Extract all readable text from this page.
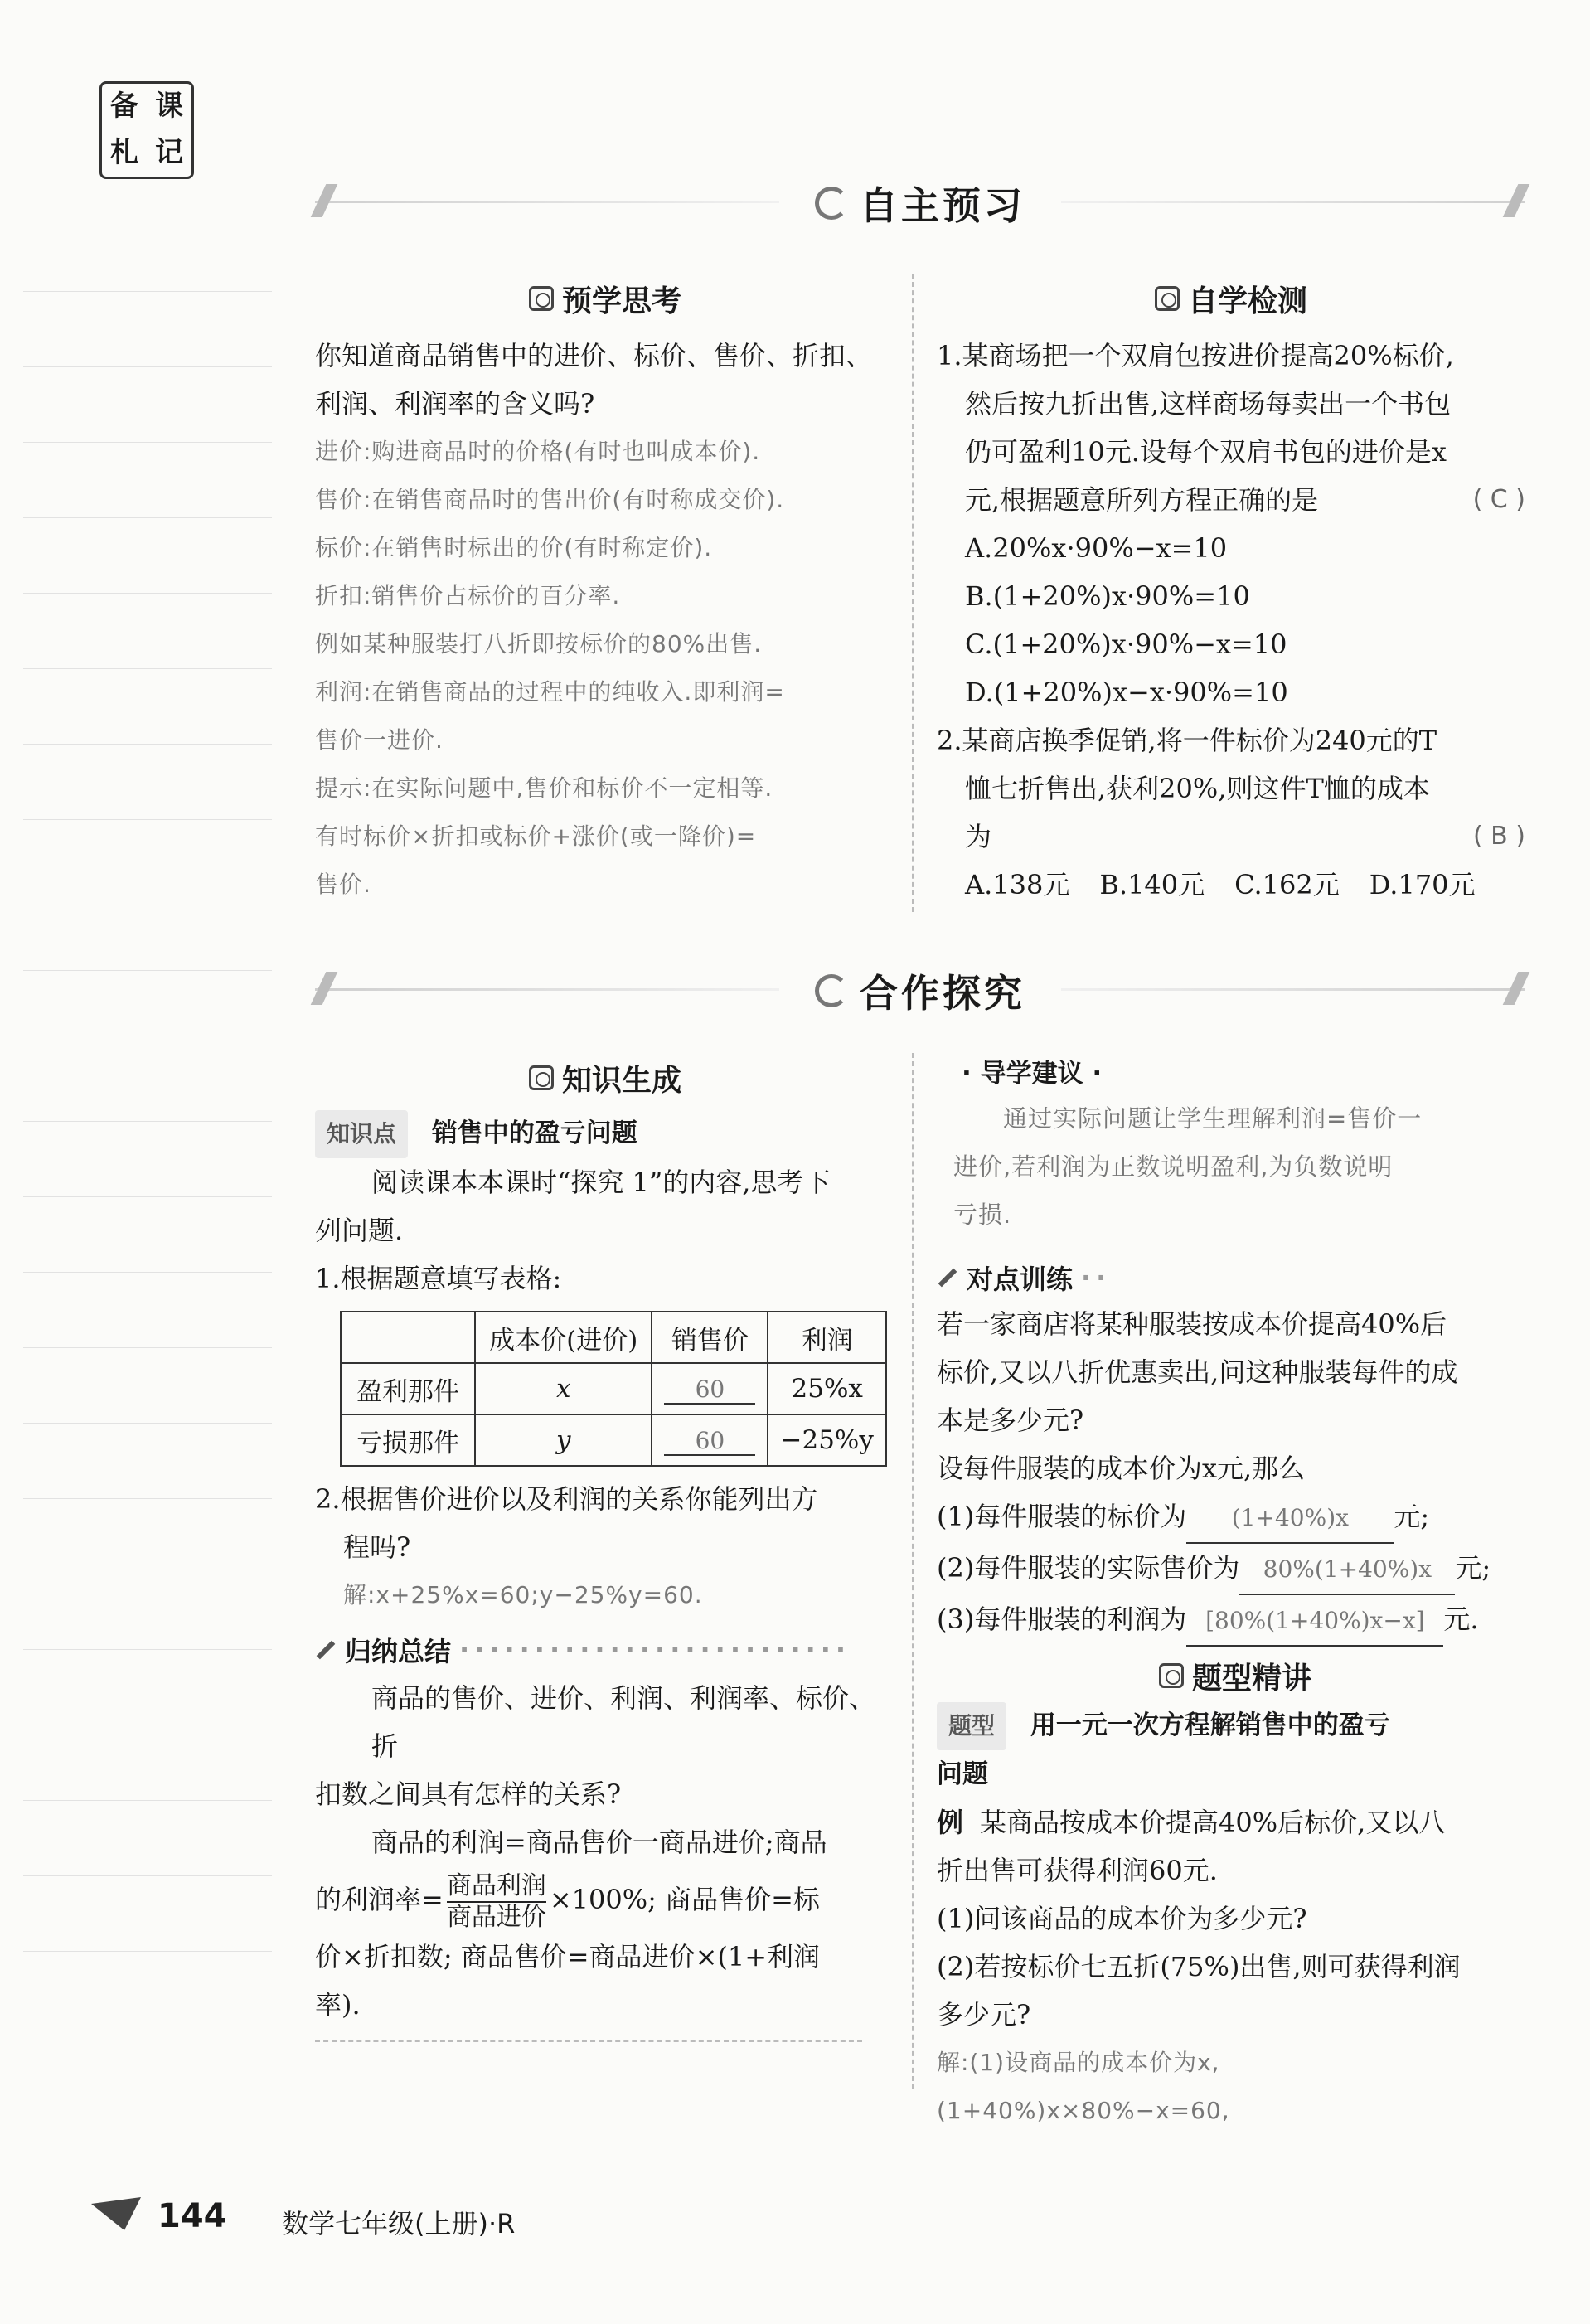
备 课
札 记
自主预习
预学思考
你知道商品销售中的进价、标价、售价、折扣、利润、利润率的含义吗?
进价:购进商品时的价格(有时也叫成本价).
售价:在销售商品时的售出价(有时称成交价).
标价:在销售时标出的价(有时称定价).
折扣:销售价占标价的百分率.
例如某种服装打八折即按标价的80%出售.
利润:在销售商品的过程中的纯收入.即利润=
售价一进价.
提示:在实际问题中,售价和标价不一定相等.
有时标价×折扣或标价+涨价(或一降价)=
售价.
自学检测
1.某商场把一个双肩包按进价提高20%标价,
然后按九折出售,这样商场每卖出一个书包
仍可盈利10元.设每个双肩书包的进价是x
元,根据题意所列方程正确的是	( C )
A.20%x·90%−x=10
B.(1+20%)x·90%=10
C.(1+20%)x·90%−x=10
D.(1+20%)x−x·90%=10
2.某商店换季促销,将一件标价为240元的T
恤七折售出,获利20%,则这件T恤的成本
为	( B )
A.138元 B.140元 C.162元 D.170元
合作探究
知识生成
知识点 销售中的盈亏问题
阅读课本本课时“探究 1”的内容,思考下
列问题.
1.根据题意填写表格:
	成本价(进价)	销售价	利润
盈利那件	x	60	25%x
亏损那件	y	60	−25%y
2.根据售价进价以及利润的关系你能列出方
程吗?
解:x+25%x=60;y−25%y=60.
归纳总结 ··························
商品的售价、进价、利润、利润率、标价、折
扣数之间具有怎样的关系?
商品的利润=商品售价一商品进价;商品
的利润率= $\frac{\text{商品利润}}{\text{商品进价}} \times 100\%$; 商品售价=标
价×折扣数; 商品售价=商品进价×(1+利润
率).
· 导学建议 ·
通过实际问题让学生理解利润=售价一
进价,若利润为正数说明盈利,为负数说明
亏损.
对点训练 ··
若一家商店将某种服装按成本价提高40%后
标价,又以八折优惠卖出,问这种服装每件的成
本是多少元?
设每件服装的成本价为x元,那么
(1)每件服装的标价为 (1+40%)x 元;
(2)每件服装的实际售价为 80%(1+40%)x 元;
(3)每件服装的利润为 [80%(1+40%)x−x] 元.
题型精讲
题型 用一元一次方程解销售中的盈亏
问题
例 某商品按成本价提高40%后标价,又以八
折出售可获得利润60元.
(1)问该商品的成本价为多少元?
(2)若按标价七五折(75%)出售,则可获得利润
多少元?
解:(1)设商品的成本价为x,
(1+40%)x×80%−x=60,
144 数学七年级(上册)·R
